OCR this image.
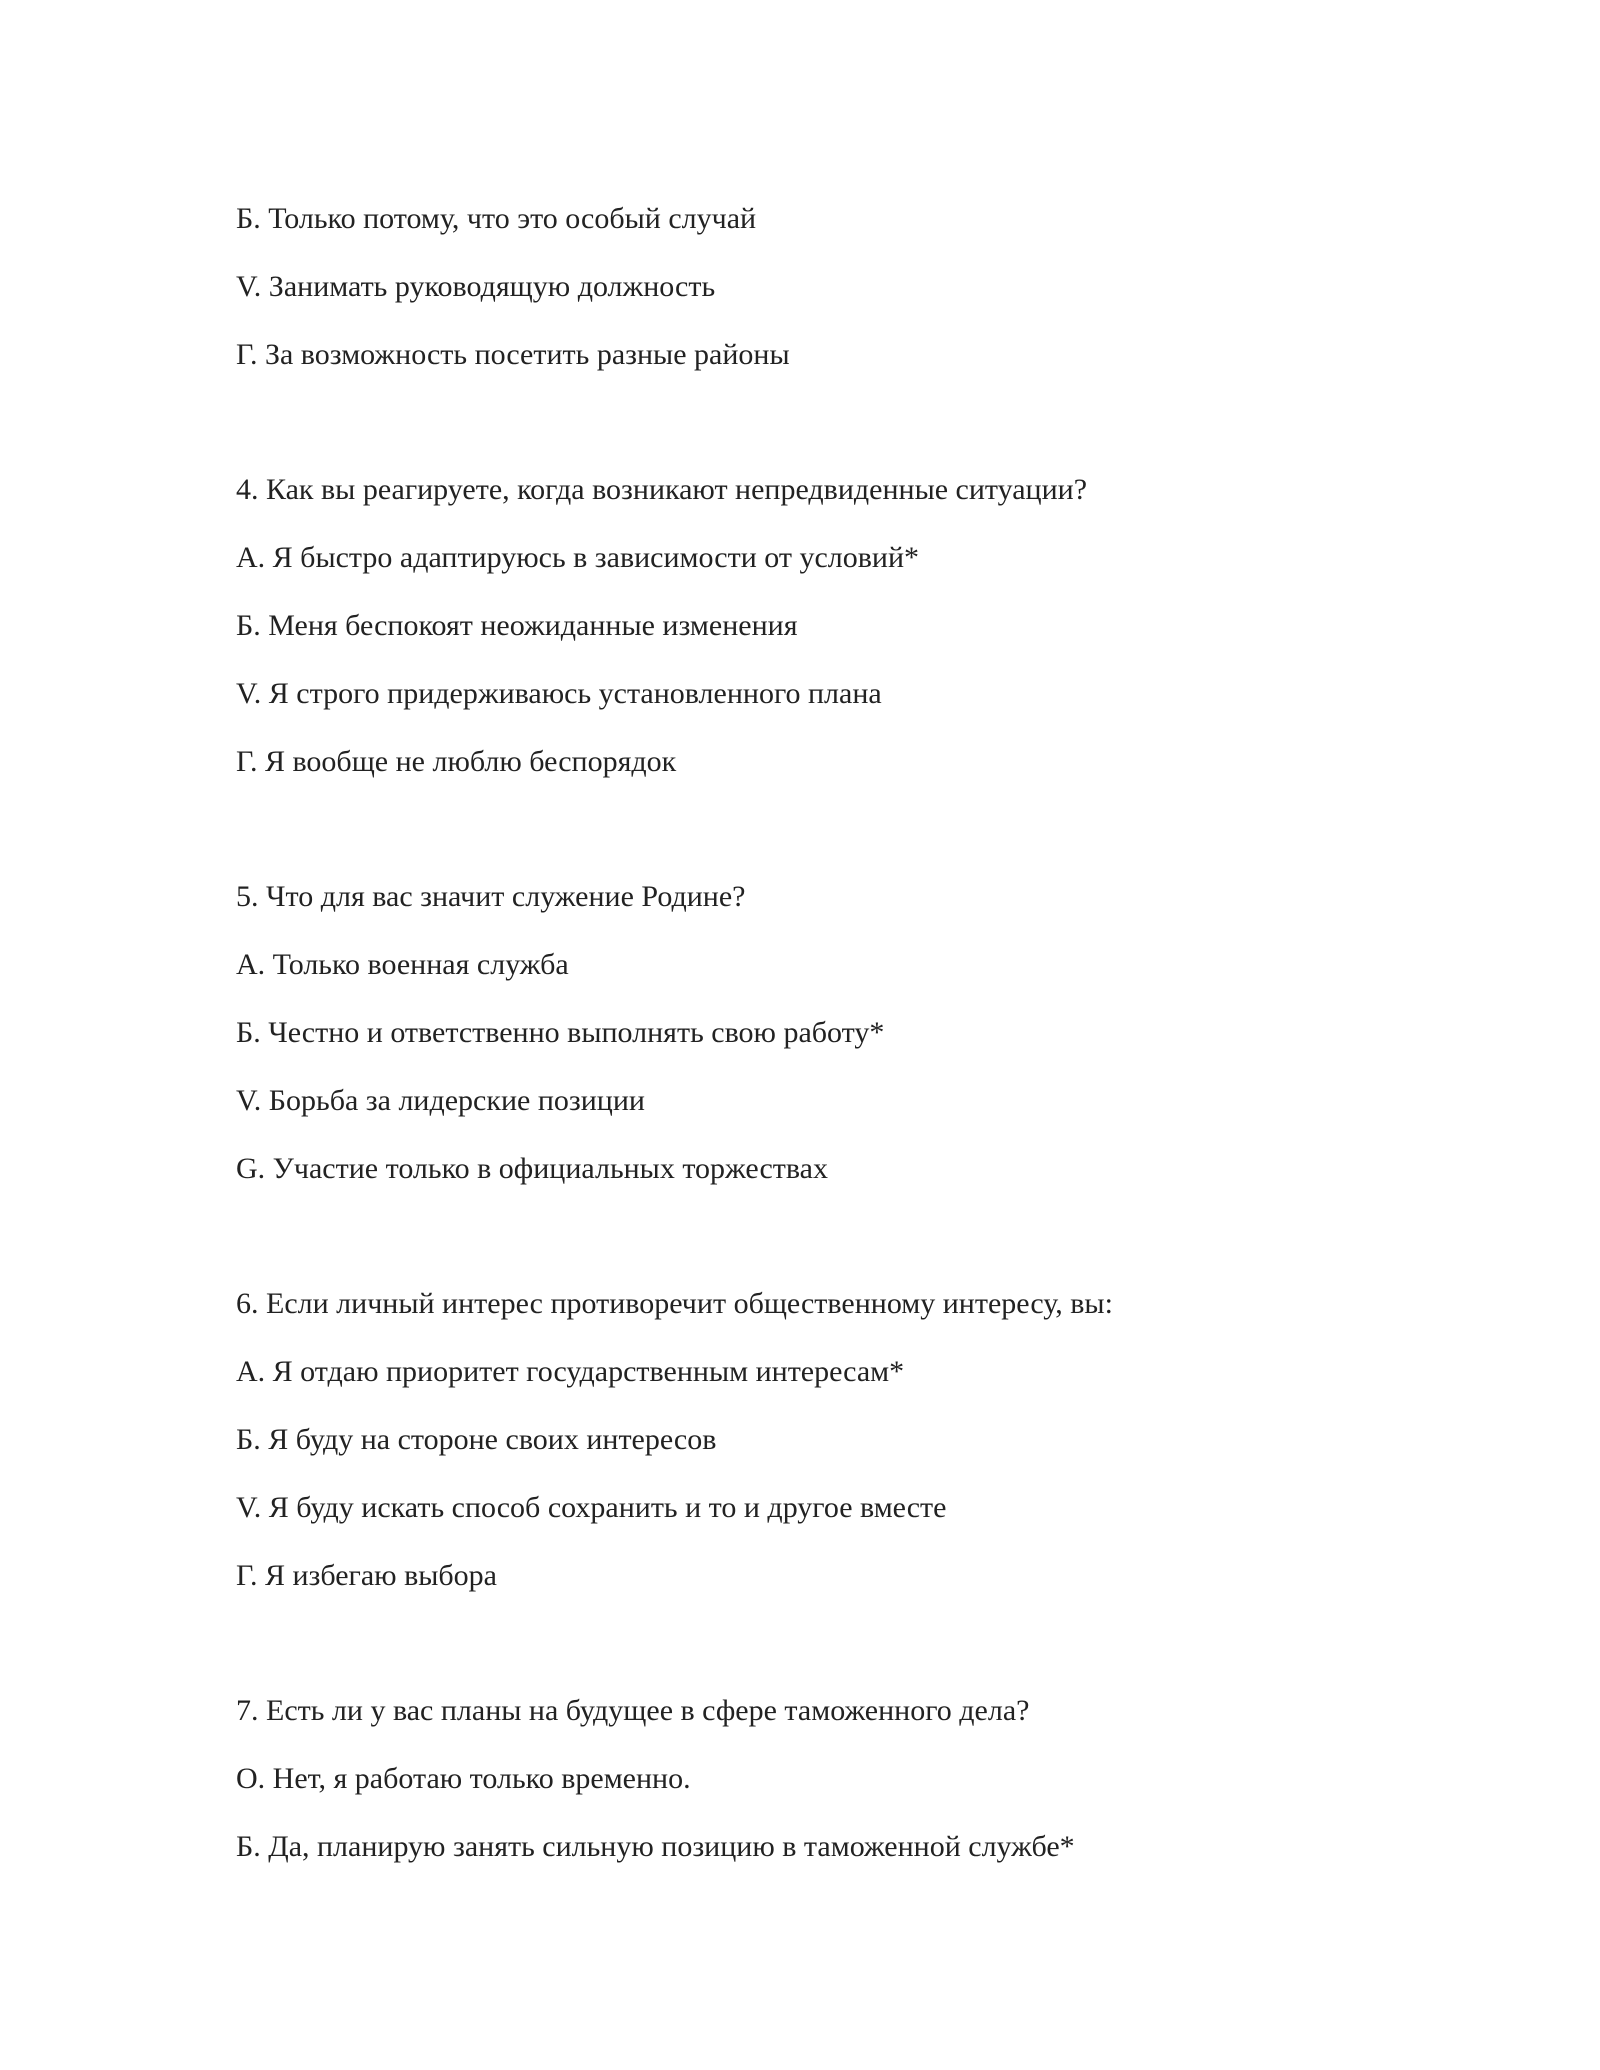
Б. Только потому, что это особый случай
V. Занимать руководящую должность
Г. За возможность посетить разные районы
4. Как вы реагируете, когда возникают непредвиденные ситуации?
А. Я быстро адаптируюсь в зависимости от условий*
Б. Меня беспокоят неожиданные изменения
V. Я строго придерживаюсь установленного плана
Г. Я вообще не люблю беспорядок
5. Что для вас значит служение Родине?
А. Только военная служба
Б. Честно и ответственно выполнять свою работу*
V. Борьба за лидерские позиции
G. Участие только в официальных торжествах
6. Если личный интерес противоречит общественному интересу, вы:
А. Я отдаю приоритет государственным интересам*
Б. Я буду на стороне своих интересов
V. Я буду искать способ сохранить и то и другое вместе
Г. Я избегаю выбора
7. Есть ли у вас планы на будущее в сфере таможенного дела?
O. Нет, я работаю только временно.
Б. Да, планирую занять сильную позицию в таможенной службе*
